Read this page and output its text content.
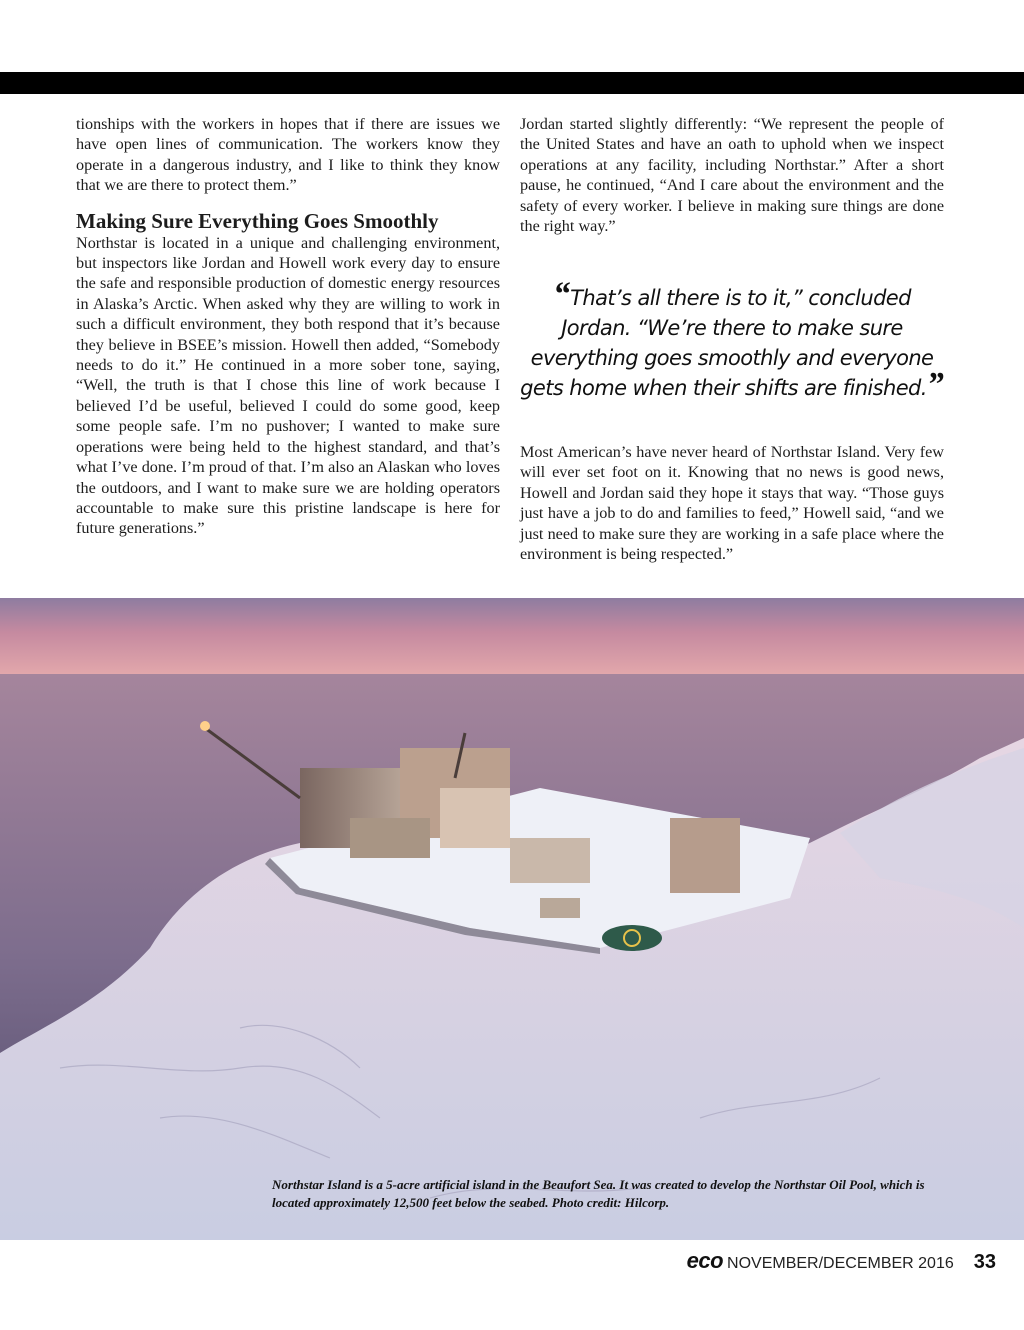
tionships with the workers in hopes that if there are issues we have open lines of communication. The workers know they operate in a dangerous industry, and I like to think they know that we are there to protect them.”

Making Sure Everything Goes Smoothly

Northstar is located in a unique and challenging environment, but inspectors like Jordan and Howell work every day to ensure the safe and responsible production of domestic energy resources in Alaska’s Arctic. When asked why they are willing to work in such a difficult environment, they both respond that it’s because they believe in BSEE’s mission. Howell then added, “Somebody needs to do it.” He continued in a more sober tone, saying, “Well, the truth is that I chose this line of work because I believed I’d be useful, believed I could do some good, keep some people safe. I’m no pushover; I wanted to make sure operations were being held to the highest standard, and that’s what I’ve done. I’m proud of that. I’m also an Alaskan who loves the outdoors, and I want to make sure we are holding operators accountable to make sure this pristine landscape is here for future generations.”

Jordan started slightly differently: “We represent the people of the United States and have an oath to uphold when we inspect operations at any facility, including Northstar.” After a short pause, he continued, “And I care about the environment and the safety of every worker. I believe in making sure things are done the right way.”

“That’s all there is to it,” concluded Jordan. “We’re there to make sure everything goes smoothly and everyone gets home when their shifts are finished.”

Most American’s have never heard of Northstar Island. Very few will ever set foot on it. Knowing that no news is good news, Howell and Jordan said they hope it stays that way. “Those guys just have a job to do and families to feed,” Howell said, “and we just need to make sure they are working in a safe place where the environment is being respected.”

Northstar Island is a 5-acre artificial island in the Beaufort Sea. It was created to develop the Northstar Oil Pool, which is located approximately 12,500 feet below the seabed. Photo credit: Hilcorp.
eco NOVEMBER/DECEMBER 2016 33
